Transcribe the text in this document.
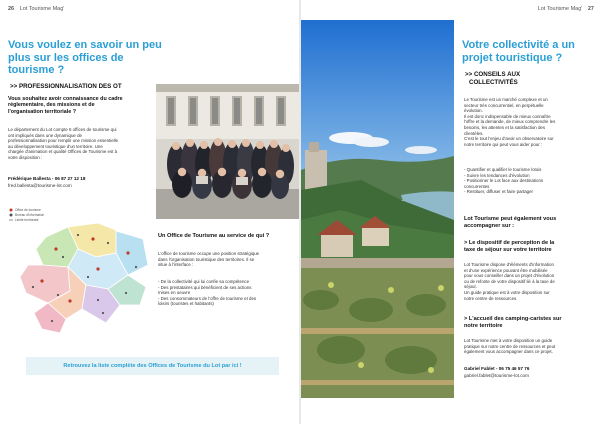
26 Lot Tourisme Mag'
Vous voulez en savoir un peu
plus sur les offices de
tourisme ?
>> PROFESSIONNALISATION DES OT
Vous souhaitez avoir connaissance du cadre
réglementaire, des missions et de
l'organisation territoriale ?
Le département du Lot compte 6 offices de tourisme qui
ont impliqués dans une dynamique de
professionnalisation pour remplir une mission essentielle
au développement touristique d'un territoire. Une
chargée d'animation et qualité Offices de Tourisme est à
votre disposition :
Frédérique Ballesta - 06 87 27 12 18
fred.ballesta@tourisme-lot.com
Office de tourisme
Bureau d'information
Limite territoriale
Un Office de Tourisme au service de qui ?
L'office de tourisme occupe une position stratégique
dans l'organisation touristique des territoires. Il se
situe à l'interface :
- De la collectivité qui lui confie sa compétence
- Des prestataires qui bénéficient de ses actions
mises en oeuvre
- Des consommateurs de l'offre de tourisme et des
loisirs (touristes et habitants)
Retrouvez la liste complète des Offices de Tourisme du Lot par ici !
Lot Tourisme Mag' 27
Votre collectivité a un
projet touristique ?
>> CONSEILS AUX
COLLECTIVITÉS
Le Tourisme est un marché complexe et un
secteur très concurrentiel, en perpétuelle
évolution.
Il est donc indispensable de mieux connaître
l'offre et la demande, de mieux comprendre les
besoins, les attentes et la satisfaction des
clientèles.
C'est le tout l'enjeu d'avoir un observatoire sur
notre territoire qui peut vous aider pour :
- Quantifier et qualifier le tourisme lotois
- Suivre les tendances d'évolution
- Positionner le Lot face aux destinations
concurrentes
- Restituer, diffuser et faire partager
Lot Tourisme peut également vous
accompagner sur :
> Le dispositif de perception de la
taxe de séjour sur votre territoire
Lot Tourisme dispose d'éléments d'information
et d'une expérience pouvant être mobilisée
pour vous conseiller dans un projet d'évolution
ou de refonte de votre dispositif lié à la taxe de
séjour.
Un guide pratique est à votre disposition sur
notre centre de ressources.
> L'accueil des camping-caristes sur
notre territoire
Lot Tourisme met à votre disposition un guide
pratique sur notre centre de ressources et peut
également vous accompagner dans ce projet.
Gabriel Fablet - 06 75 46 57 76
gabriel.fablet@tourisme-lot.com
